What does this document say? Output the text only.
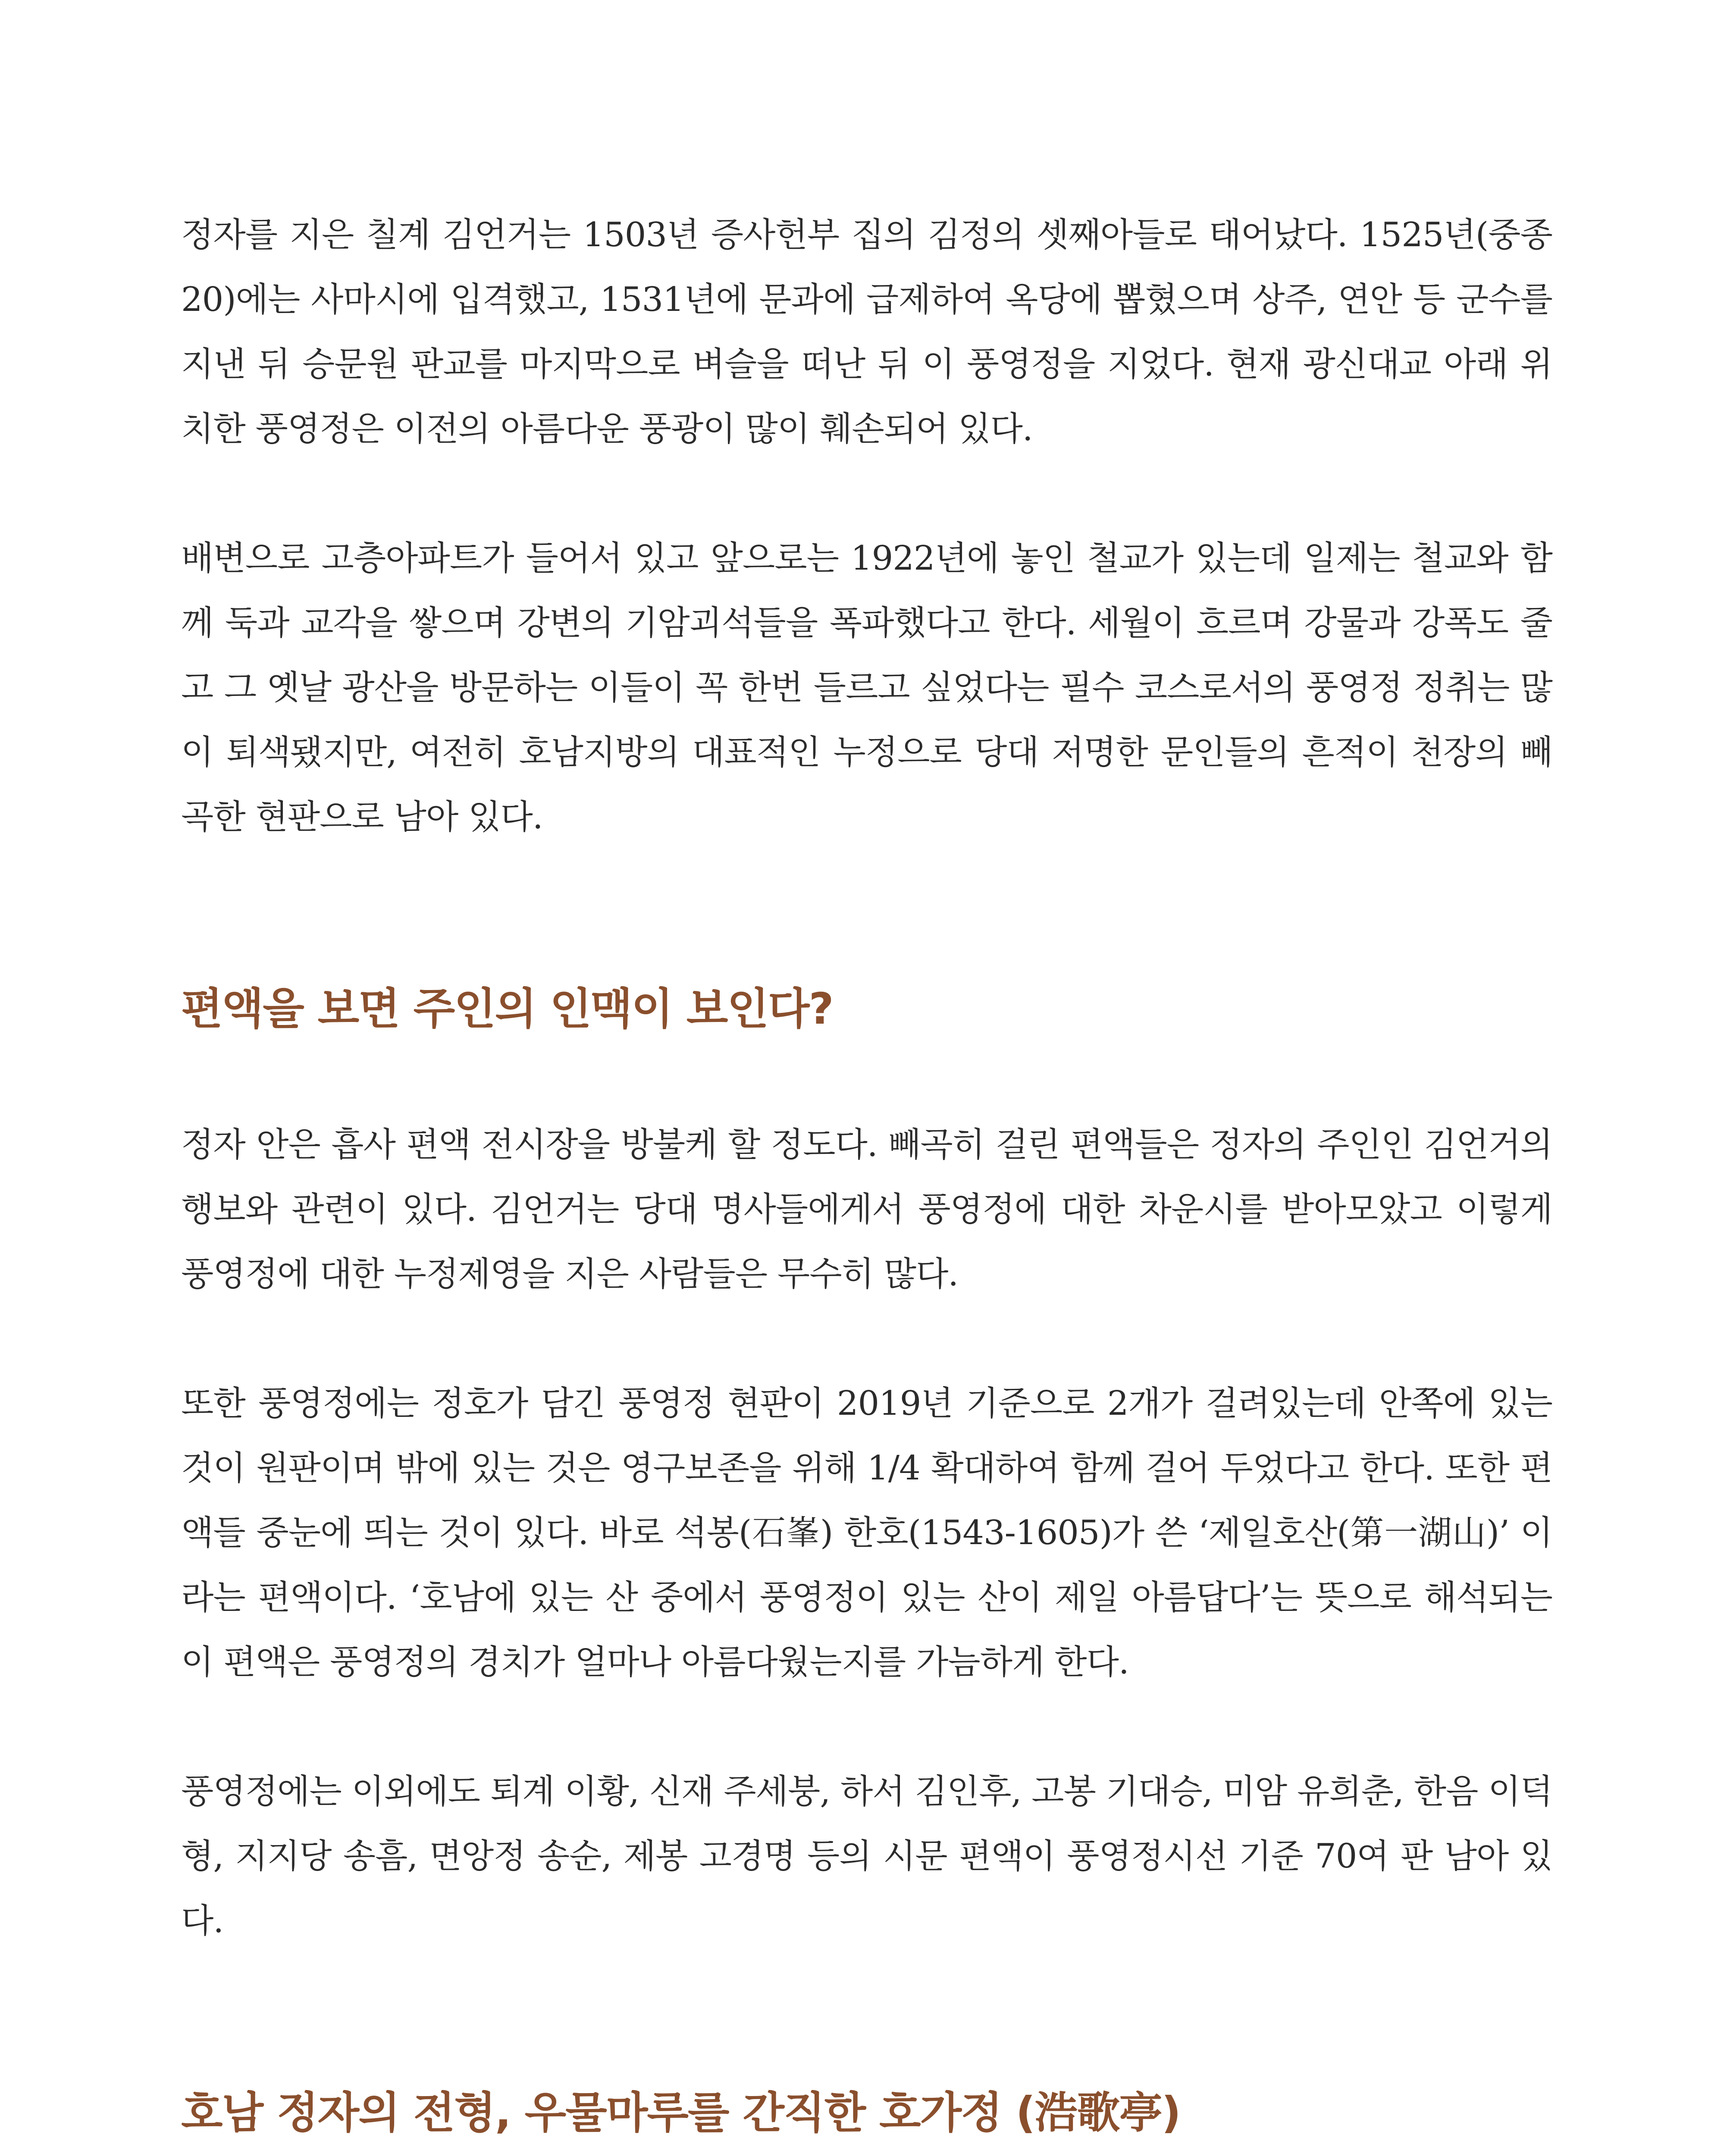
정자를 지은 칠계 김언거는 1503년 증사헌부 집의 김정의 셋째아들로 태어났다. 1525년(중종 20)에는 사마시에 입격했고, 1531년에 문과에 급제하여 옥당에 뽑혔으며 상주, 연안 등 군수를 지낸 뒤 승문원 판교를 마지막으로 벼슬을 떠난 뒤 이 풍영정을 지었다. 현재 광신대교 아래 위치한 풍영정은 이전의 아름다운 풍광이 많이 훼손되어 있다.

배변으로 고층아파트가 들어서 있고 앞으로는 1922년에 놓인 철교가 있는데 일제는 철교와 함께 둑과 교각을 쌓으며 강변의 기암괴석들을 폭파했다고 한다. 세월이 흐르며 강물과 강폭도 줄고 그 옛날 광산을 방문하는 이들이 꼭 한번 들르고 싶었다는 필수 코스로서의 풍영정 정취는 많이 퇴색됐지만, 여전히 호남지방의 대표적인 누정으로 당대 저명한 문인들의 흔적이 천장의 빼곡한 현판으로 남아 있다.

편액을 보면 주인의 인맥이 보인다?

정자 안은 흡사 편액 전시장을 방불케 할 정도다. 빼곡히 걸린 편액들은 정자의 주인인 김언거의 행보와 관련이 있다. 김언거는 당대 명사들에게서 풍영정에 대한 차운시를 받아모았고 이렇게 풍영정에 대한 누정제영을 지은 사람들은 무수히 많다.

또한 풍영정에는 정호가 담긴 풍영정 현판이 2019년 기준으로 2개가 걸려있는데 안쪽에 있는 것이 원판이며 밖에 있는 것은 영구보존을 위해 1/4 확대하여 함께 걸어 두었다고 한다. 또한 편액들 중눈에 띄는 것이 있다. 바로 석봉(石峯) 한호(1543-1605)가 쓴 ‘제일호산(第一湖山)’ 이라는 편액이다. ‘호남에 있는 산 중에서 풍영정이 있는 산이 제일 아름답다’는 뜻으로 해석되는 이 편액은 풍영정의 경치가 얼마나 아름다웠는지를 가늠하게 한다.

풍영정에는 이외에도 퇴계 이황, 신재 주세붕, 하서 김인후, 고봉 기대승, 미암 유희춘, 한음 이덕형, 지지당 송흠, 면앙정 송순, 제봉 고경명 등의 시문 편액이 풍영정시선 기준 70여 판 남아 있다.

호남 정자의 전형, 우물마루를 간직한 호가정 (浩歌亭)
